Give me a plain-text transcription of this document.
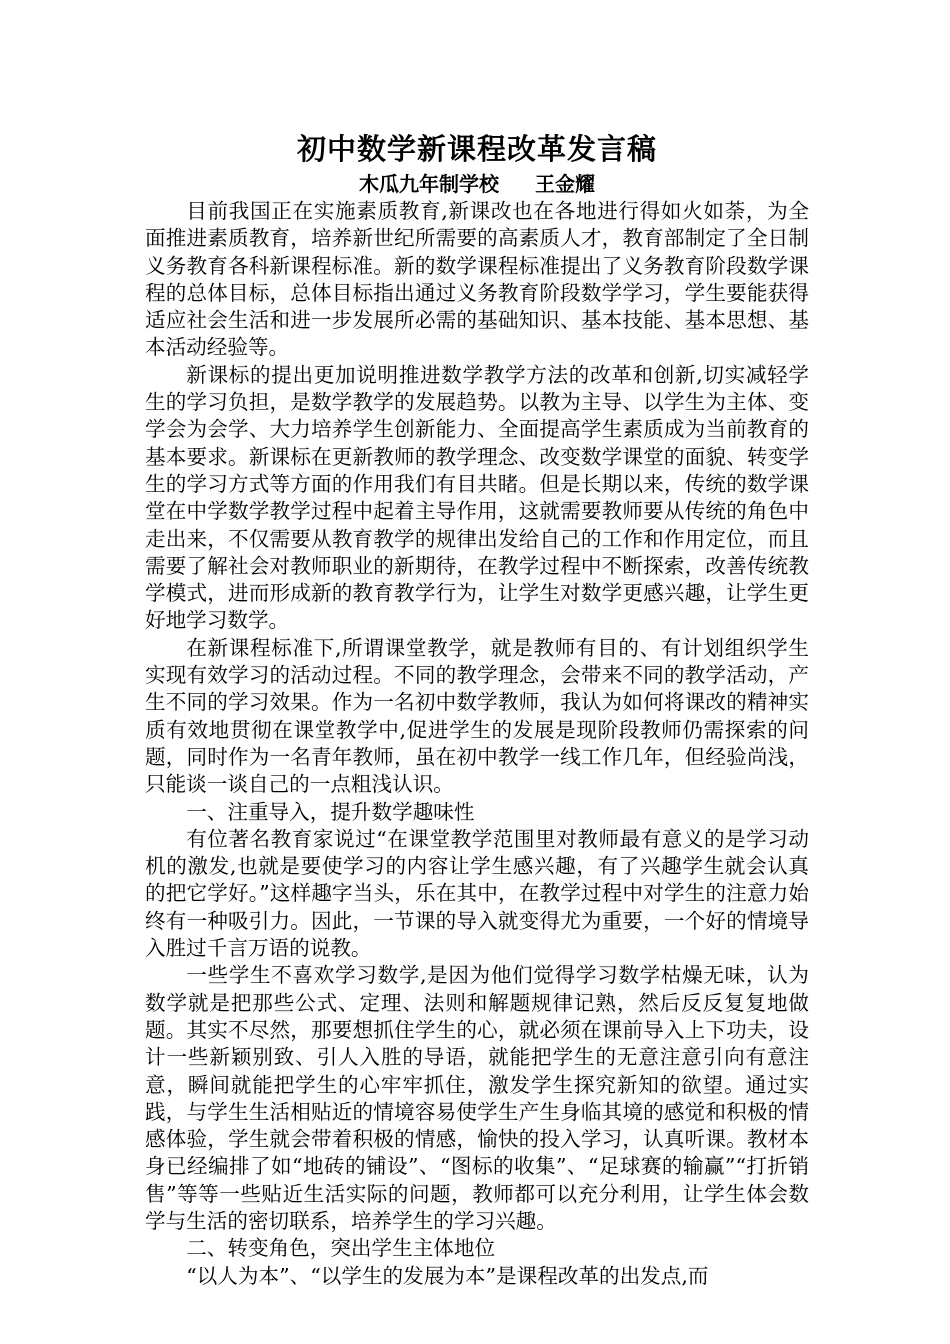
初中数学新课程改革发言稿
木瓜九年制学校 王金耀

目前我国正在实施素质教育,新课改也在各地进行得如火如荼，为全面推进素质教育，培养新世纪所需要的高素质人才，教育部制定了全日制义务教育各科新课程标准。新的数学课程标准提出了义务教育阶段数学课程的总体目标，总体目标指出通过义务教育阶段数学学习，学生要能获得适应社会生活和进一步发展所必需的基础知识、基本技能、基本思想、基本活动经验等。

新课标的提出更加说明推进数学教学方法的改革和创新,切实减轻学生的学习负担，是数学教学的发展趋势。以教为主导、以学生为主体、变学会为会学、大力培养学生创新能力、全面提高学生素质成为当前教育的基本要求。新课标在更新教师的教学理念、改变数学课堂的面貌、转变学生的学习方式等方面的作用我们有目共睹。但是长期以来，传统的数学课堂在中学数学教学过程中起着主导作用，这就需要教师要从传统的角色中走出来，不仅需要从教育教学的规律出发给自己的工作和作用定位，而且需要了解社会对教师职业的新期待，在教学过程中不断探索，改善传统教学模式，进而形成新的教育教学行为，让学生对数学更感兴趣，让学生更好地学习数学。

在新课程标准下,所谓课堂教学，就是教师有目的、有计划组织学生实现有效学习的活动过程。不同的教学理念，会带来不同的教学活动，产生不同的学习效果。作为一名初中数学教师，我认为如何将课改的精神实质有效地贯彻在课堂教学中,促进学生的发展是现阶段教师仍需探索的问题，同时作为一名青年教师，虽在初中教学一线工作几年，但经验尚浅，只能谈一谈自己的一点粗浅认识。

一、注重导入，提升数学趣味性

有位著名教育家说过“在课堂教学范围里对教师最有意义的是学习动机的激发,也就是要使学习的内容让学生感兴趣，有了兴趣学生就会认真的把它学好。”这样趣字当头，乐在其中，在教学过程中对学生的注意力始终有一种吸引力。因此，一节课的导入就变得尤为重要，一个好的情境导入胜过千言万语的说教。

一些学生不喜欢学习数学,是因为他们觉得学习数学枯燥无味，认为数学就是把那些公式、定理、法则和解题规律记熟，然后反反复复地做题。其实不尽然，那要想抓住学生的心，就必须在课前导入上下功夫，设计一些新颖别致、引人入胜的导语，就能把学生的无意注意引向有意注意，瞬间就能把学生的心牢牢抓住，激发学生探究新知的欲望。通过实践，与学生生活相贴近的情境容易使学生产生身临其境的感觉和积极的情感体验，学生就会带着积极的情感，愉快的投入学习，认真听课。教材本身已经编排了如“地砖的铺设”、“图标的收集”、“足球赛的输赢”“打折销售”等等一些贴近生活实际的问题，教师都可以充分利用，让学生体会数学与生活的密切联系，培养学生的学习兴趣。

二、转变角色，突出学生主体地位

“以人为本”、“以学生的发展为本”是课程改革的出发点,而
